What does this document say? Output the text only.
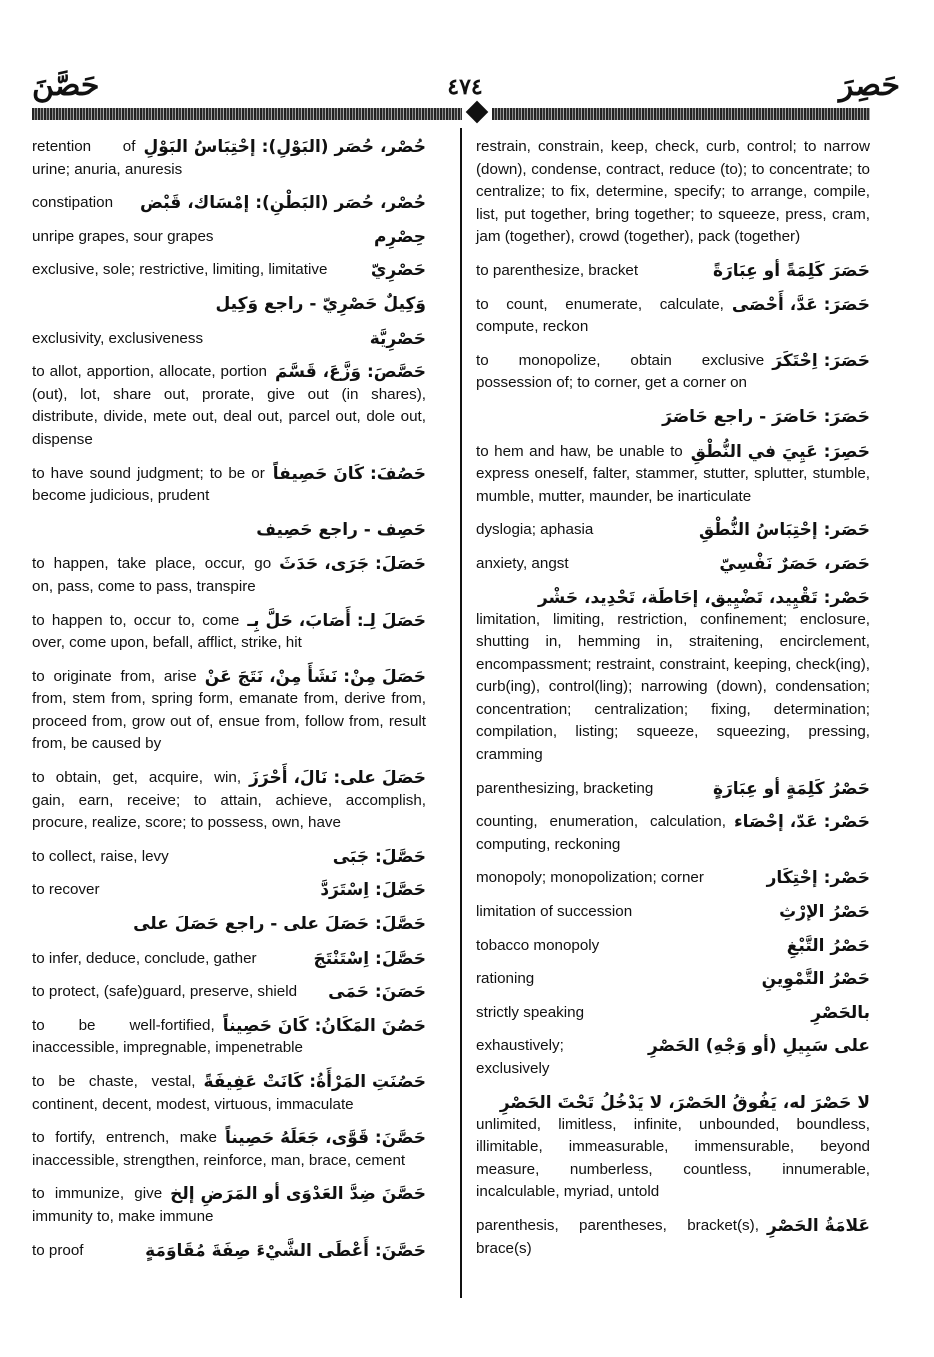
حَصَّنَ	٤٧٤	حَصِرَ
حُصْر، حُصَر (البَوْلِ): إحْتِبَاسُ البَوْلِ
retention of urine; anuria, anuresis
حُصْر، حُصَر (البَطْنِ): إمْسَاك، قَبْض
constipation
حِصْرِم
unripe grapes, sour grapes
حَصْرِيّ
exclusive, sole; restrictive, limiting, limitative
وَكِيلٌ حَصْرِيّ - راجع وَكِيل
حَصْرِيَّة
exclusivity, exclusiveness
حَصَّصَ: وَزَّعَ، قَسَّمَ
to allot, apportion, allocate, portion (out), lot, share out, prorate, give out (in shares), distribute, divide, mete out, deal out, parcel out, dole out, dispense
حَصُفَ: كَانَ حَصِيفاً
to have sound judgment; to be or become judicious, prudent
حَصِف - راجع حَصِيف
حَصَلَ: جَرَى، حَدَثَ
to happen, take place, occur, go on, pass, come to pass, transpire
حَصَلَ لِـ: أَصَابَ، حَلَّ بِـ
to happen to, occur to, come over, come upon, befall, afflict, strike, hit
حَصَلَ مِنْ: نَشَأَ مِنْ، نَتَجَ عَنْ
to originate from, arise from, stem from, spring form, emanate from, derive from, proceed from, grow out of, ensue from, follow from, result from, be caused by
حَصَلَ على: نَالَ، أَحْرَزَ
to obtain, get, acquire, win, gain, earn, receive; to attain, achieve, accomplish, procure, realize, score; to possess, own, have
حَصَّلَ: جَبَى
to collect, raise, levy
حَصَّلَ: اِسْتَرَدَّ
to recover
حَصَّلَ: حَصَلَ على - راجع حَصَلَ على
حَصَّلَ: اِسْتَنْتَجَ
to infer, deduce, conclude, gather
حَصَنَ: حَمَى
to protect, (safe)guard, preserve, shield
حَصُنَ المَكَانُ: كَانَ حَصِيناً
to be well-fortified, inaccessible, impregnable, impenetrable
حَصُنَتِ المَرْأَةُ: كَانَتْ عَفِيفَةً
to be chaste, vestal, continent, decent, modest, virtuous, immaculate
حَصَّنَ: قَوَّى، جَعَلَهُ حَصِيناً
to fortify, entrench, make inaccessible, strengthen, reinforce, man, brace, cement
حَصَّنَ ضِدَّ العَدْوَى أو المَرَضِ إلخ
to immunize, give immunity to, make immune
حَصَّنَ: أَعْطَى الشَّيْءَ صِفَةَ مُقَاوَمَةٍ
to proof
restrain, constrain, keep, check, curb, control; to narrow (down), condense, contract, reduce (to); to concentrate; to centralize; to fix, determine, specify; to arrange, compile, list, put together, bring together; to squeeze, press, cram, jam (together), crowd (together), pack (together)
حَصَرَ كَلِمَةً أو عِبَارَةً
to parenthesize, bracket
حَصَرَ: عَدَّ، أَحْصَى
to count, enumerate, calculate, compute, reckon
حَصَرَ: اِحْتَكَرَ
to monopolize, obtain exclusive possession of; to corner, get a corner on
حَصَرَ: حَاصَرَ - راجع حَاصَرَ
حَصِرَ: عَيِيَ في النُّطْقِ
to hem and haw, be unable to express oneself, falter, stammer, stutter, splutter, stumble, mumble, mutter, maunder, be inarticulate
حَصَر: إحْتِبَاسُ النُّطْقِ
dyslogia; aphasia
حَصَر، حَصَرٌ نَفْسِيّ
anxiety, angst
حَصْر: تَقْيِيد، تَضْيِيق، إحَاطَة، تَحْدِيد، حَشْر
limitation, limiting, restriction, confinement; enclosure, shutting in, hemming in, straitening, encirclement, encompassment; restraint, constraint, keeping, check(ing), curb(ing), control(ling); narrowing (down), condensation; concentration; centralization; fixing, determination; compilation, listing; squeeze, squeezing, pressing, cramming
حَصْرُ كَلِمَةٍ أو عِبَارَةٍ
parenthesizing, bracketing
حَصْر: عَدّ، إحْصَاء
counting, enumeration, calculation, computing, reckoning
حَصْر: إحْتِكَار
monopoly; monopolization; corner
حَصْرُ الإرْثِ
limitation of succession
حَصْرُ التَّبْغِ
tobacco monopoly
حَصْرُ التَّمْوِينِ
rationing
بالحَصْرِ
strictly speaking
على سَبِيلِ (أو وَجْهِ) الحَصْرِ
exhaustively; exclusively
لا حَصْرَ له، يَفُوقُ الحَصْرَ، لا يَدْخُلُ تَحْتَ الحَصْرِ
unlimited, limitless, infinite, unbounded, boundless, illimitable, immeasurable, immensurable, beyond measure, numberless, countless, innumerable, incalculable, myriad, untold
عَلامَةُ الحَصْرِ
parenthesis, parentheses, bracket(s), brace(s)
